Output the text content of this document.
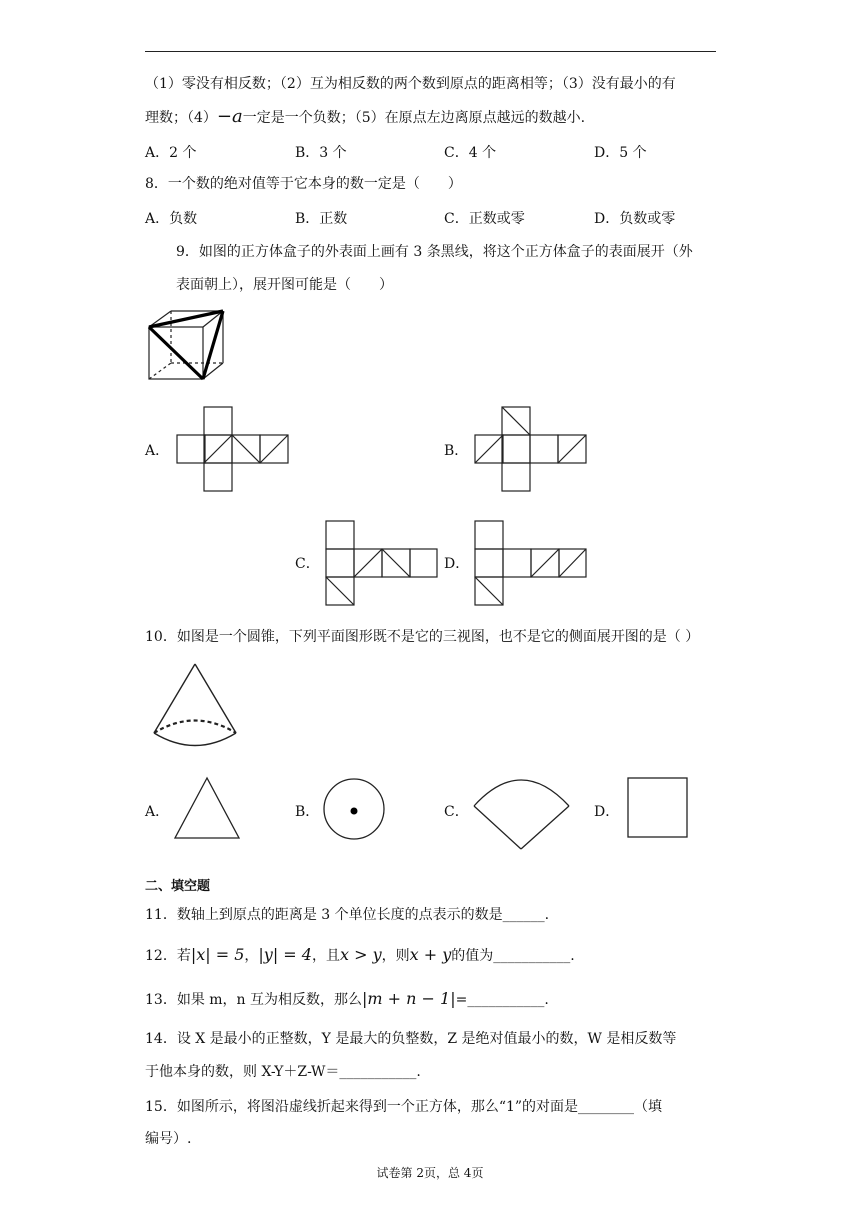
（1）零没有相反数；（2）互为相反数的两个数到原点的距离相等；（3）没有最小的有
理数；（4）−a一定是一个负数；（5）在原点左边离原点越远的数越小.
A．2 个	B．3 个	C．4 个	D．5 个
8．一个数的绝对值等于它本身的数一定是（　　）
A．负数	B．正数	C．正数或零	D．负数或零
9．如图的正方体盒子的外表面上画有 3 条黑线，将这个正方体盒子的表面展开（外
表面朝上），展开图可能是（　　）
A．	B．
C．	D．
10．如图是一个圆锥，下列平面图形既不是它的三视图，也不是它的侧面展开图的是（ ）
A．	B．	C．	D．
二、填空题
11．数轴上到原点的距离是 3 个单位长度的点表示的数是______.
12．若|x| = 5，|y| = 4，且x > y，则x + y的值为___________.
13．如果 m，n 互为相反数，那么|m + n − 1|=___________.
14．设 X 是最小的正整数，Y 是最大的负整数，Z 是绝对值最小的数，W 是相反数等
于他本身的数，则 X-Y＋Z-W＝___________.
15．如图所示，将图沿虚线折起来得到一个正方体，那么“1”的对面是________（填
编号）.
试卷第 2页，总 4页
